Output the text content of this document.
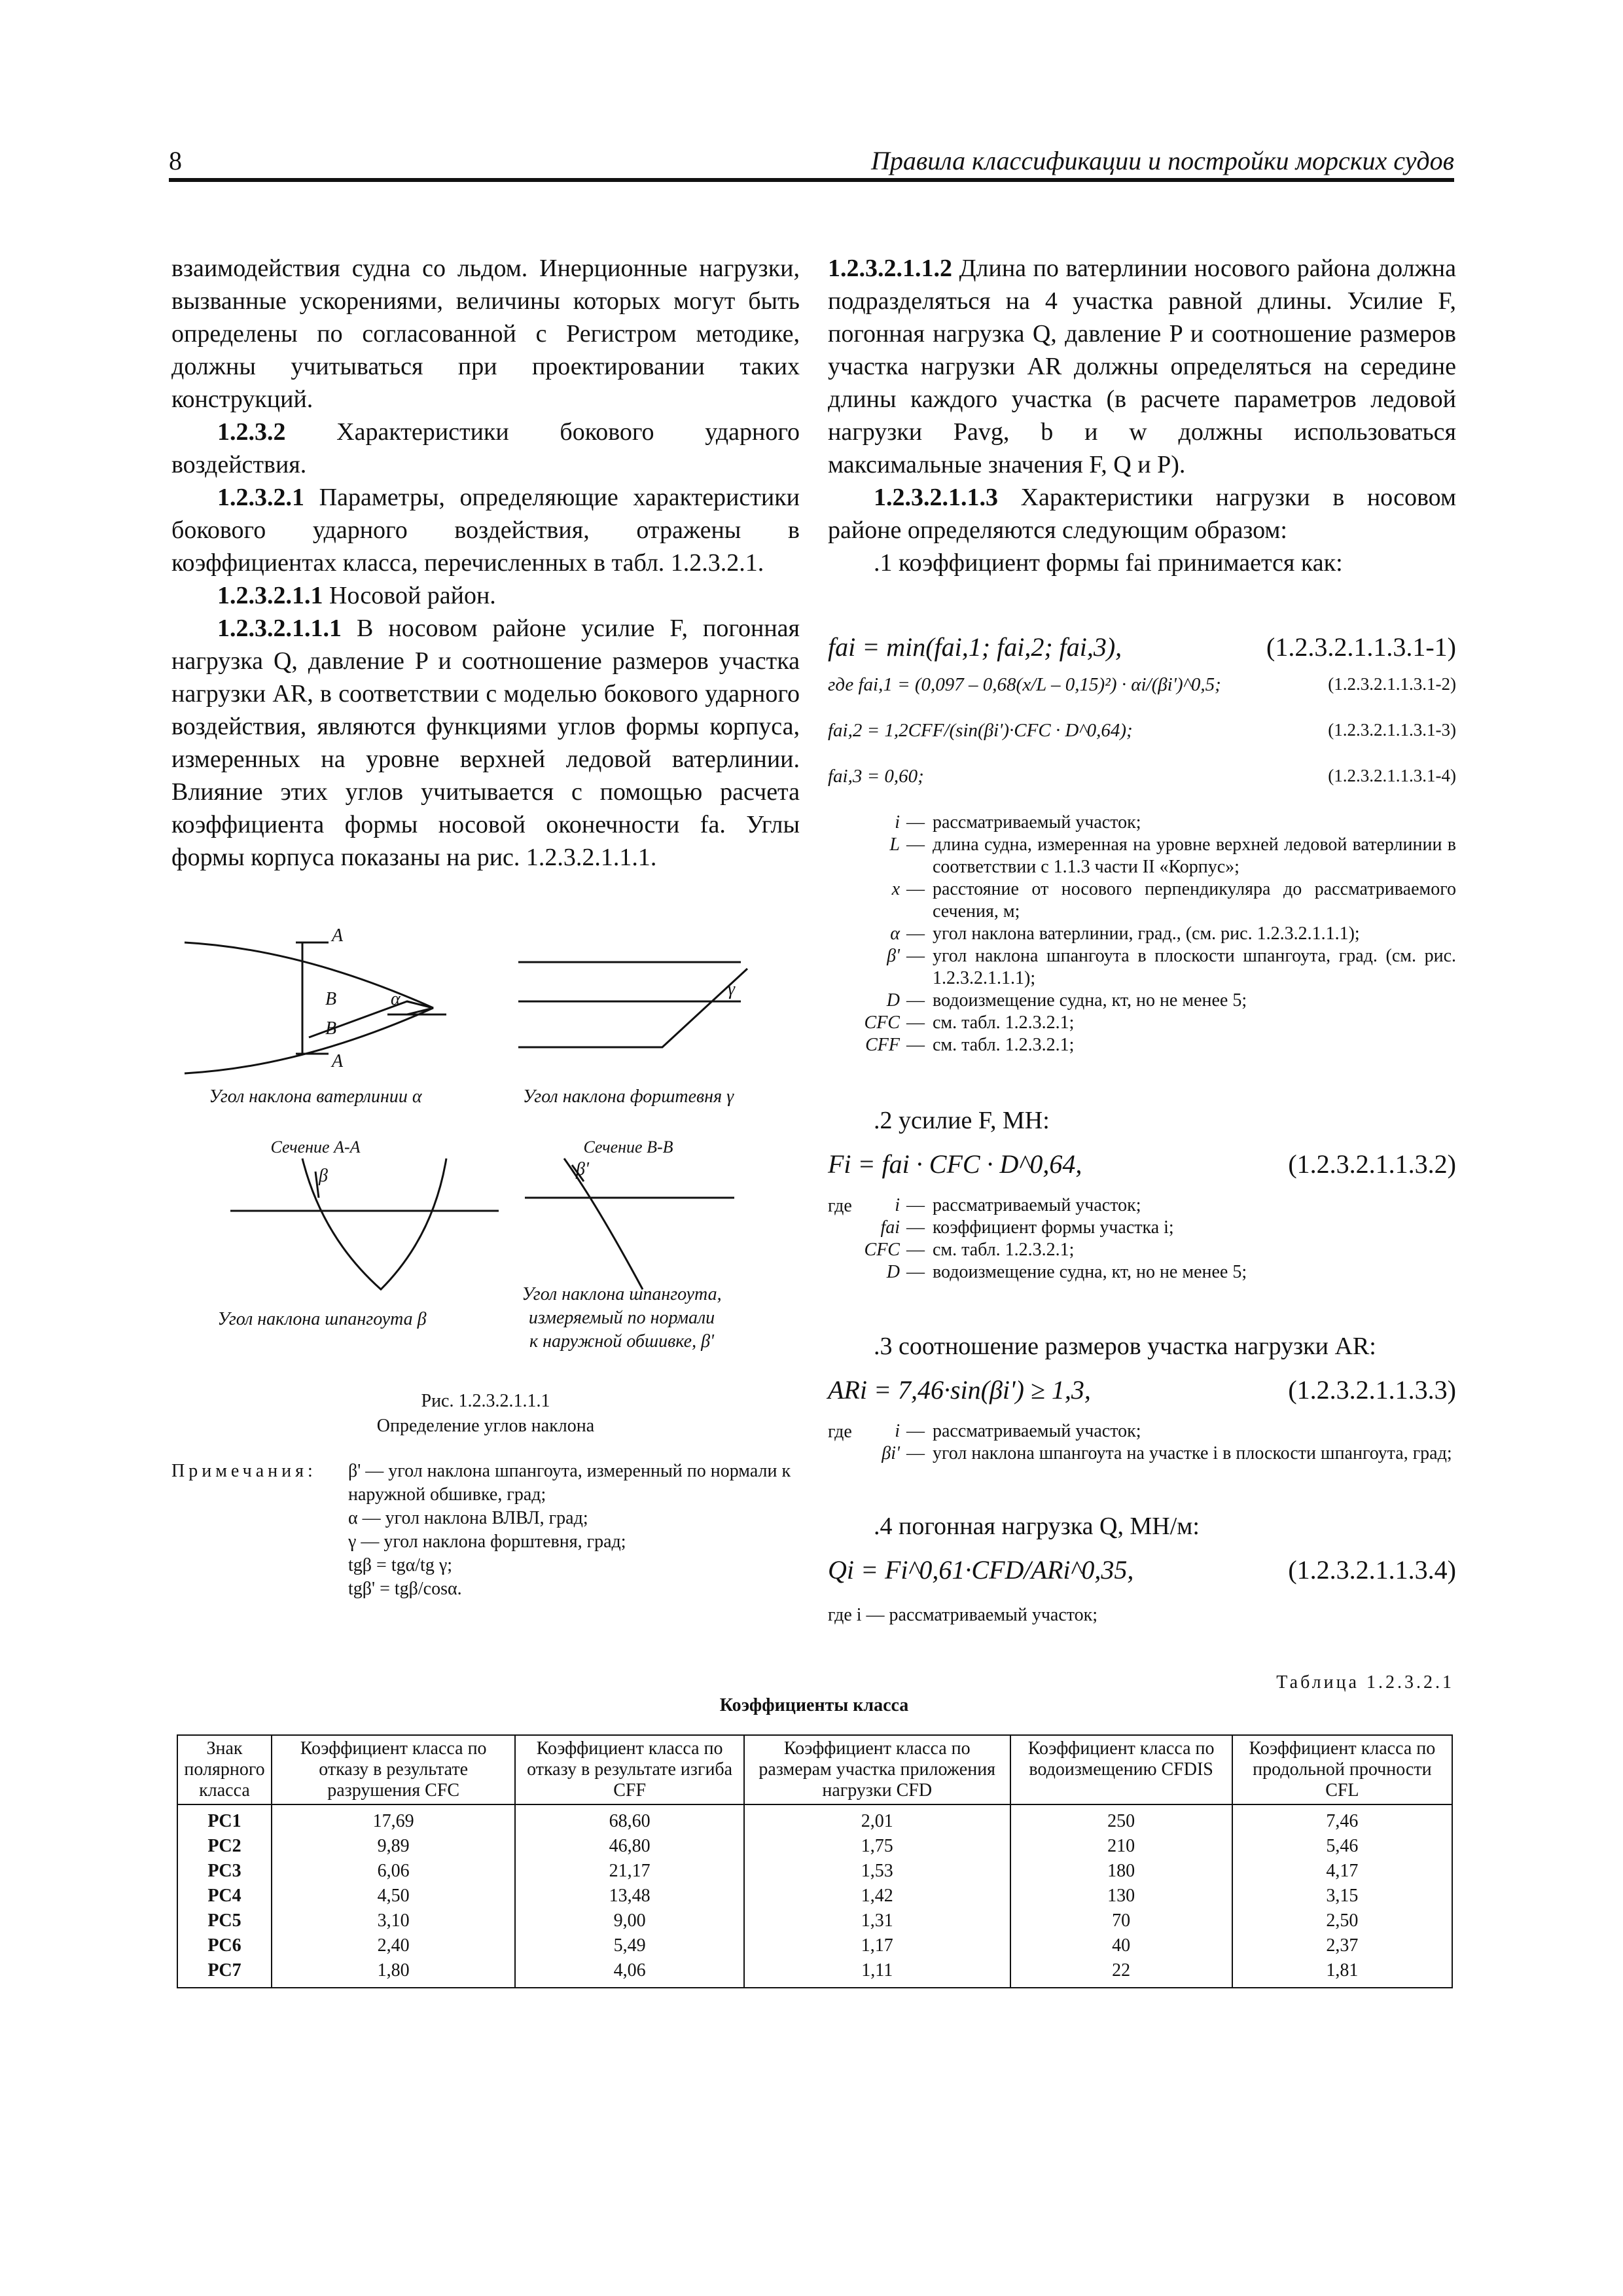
8	Правила классификации и постройки морских судов

взаимодействия судна со льдом. Инерционные нагрузки, вызванные ускорениями, величины которых могут быть определены по согласованной с Регистром методике, должны учитываться при проектировании таких конструкций.

1.2.3.2 Характеристики бокового ударного воздействия.

1.2.3.2.1 Параметры, определяющие характеристики бокового ударного воздействия, отражены в коэффициентах класса, перечисленных в табл. 1.2.3.2.1.

1.2.3.2.1.1 Носовой район.

1.2.3.2.1.1.1 В носовом районе усилие F, погонная нагрузка Q, давление P и соотношение размеров участка нагрузки AR, в соответствии с моделью бокового ударного воздействия, являются функциями углов формы корпуса, измеренных на уровне верхней ледовой ватерлинии. Влияние этих углов учитывается с помощью расчета коэффициента формы носовой оконечности fa. Углы формы корпуса показаны на рис. 1.2.3.2.1.1.1.

A
B
B
A
α	γ
β	β'
Угол наклона ватерлинии α	Угол наклона форштевня γ
Сечение А-А	Сечение В-В
Угол наклона шпангоута β
Угол наклона шпангоута,
измеряемый по нормали
к наружной обшивке, β'
Рис. 1.2.3.2.1.1.1
Определение углов наклона
Примечания:	β' — угол наклона шпангоута, измеренный по нормали к наружной обшивке, град;
α — угол наклона ВЛВЛ, град;
γ — угол наклона форштевня, град;
tgβ = tgα/tg γ;
tgβ' = tgβ/cosα.

1.2.3.2.1.1.2 Длина по ватерлинии носового района должна подразделяться на 4 участка равной длины. Усилие F, погонная нагрузка Q, давление P и соотношение размеров участка нагрузки AR должны определяться на середине длины каждого участка (в расчете параметров ледовой нагрузки Pavg, b и w должны использоваться максимальные значения F, Q и P).

1.2.3.2.1.1.3 Характеристики нагрузки в носовом районе определяются следующим образом:

.1 коэффициент формы fai принимается как:

fai = min(fai,1; fai,2; fai,3),	(1.2.3.2.1.1.3.1-1)
где fai,1 = (0,097 – 0,68(x/L – 0,15)²) · αi/(βi')^0,5;	(1.2.3.2.1.1.3.1-2)
fai,2 = 1,2CFF/(sin(βi')·CFC · D^0,64);	(1.2.3.2.1.1.3.1-3)
fai,3 = 0,60;	(1.2.3.2.1.1.3.1-4)
i — рассматриваемый участок;
L — длина судна, измеренная на уровне верхней ледовой ватерлинии в соответствии с 1.1.3 части II «Корпус»;
x — расстояние от носового перпендикуляра до рассматриваемого сечения, м;
α — угол наклона ватерлинии, град., (см. рис. 1.2.3.2.1.1.1);
β' — угол наклона шпангоута в плоскости шпангоута, град. (см. рис. 1.2.3.2.1.1.1);
D — водоизмещение судна, кт, но не менее 5;
CFC — см. табл. 1.2.3.2.1;
CFF — см. табл. 1.2.3.2.1;
.2 усилие F, МН:
Fi = fai · CFC · D^0,64,	(1.2.3.2.1.1.3.2)
где	i — рассматриваемый участок;
fai — коэффициент формы участка i;
CFC — см. табл. 1.2.3.2.1;
D — водоизмещение судна, кт, но не менее 5;
.3 соотношение размеров участка нагрузки AR:
ARi = 7,46·sin(βi') ≥ 1,3,	(1.2.3.2.1.1.3.3)
где	i — рассматриваемый участок;
βi' — угол наклона шпангоута на участке i в плоскости шпангоута, град;
.4 погонная нагрузка Q, МН/м:
Qi = Fi^0,61·CFD/ARi^0,35,	(1.2.3.2.1.1.3.4)
где i — рассматриваемый участок;
Таблица 1.2.3.2.1
Коэффициенты класса
Знак полярного класса	Коэффициент класса по отказу в результате разрушения CFC	Коэффициент класса по отказу в результате изгиба CFF	Коэффициент класса по размерам участка приложения нагрузки CFD	Коэффициент класса по водоизмещению CFDIS	Коэффициент класса по продольной прочности CFL
PC1	17,69	68,60	2,01	250	7,46
PC2	9,89	46,80	1,75	210	5,46
PC3	6,06	21,17	1,53	180	4,17
PC4	4,50	13,48	1,42	130	3,15
PC5	3,10	9,00	1,31	70	2,50
PC6	2,40	5,49	1,17	40	2,37
PC7	1,80	4,06	1,11	22	1,81
